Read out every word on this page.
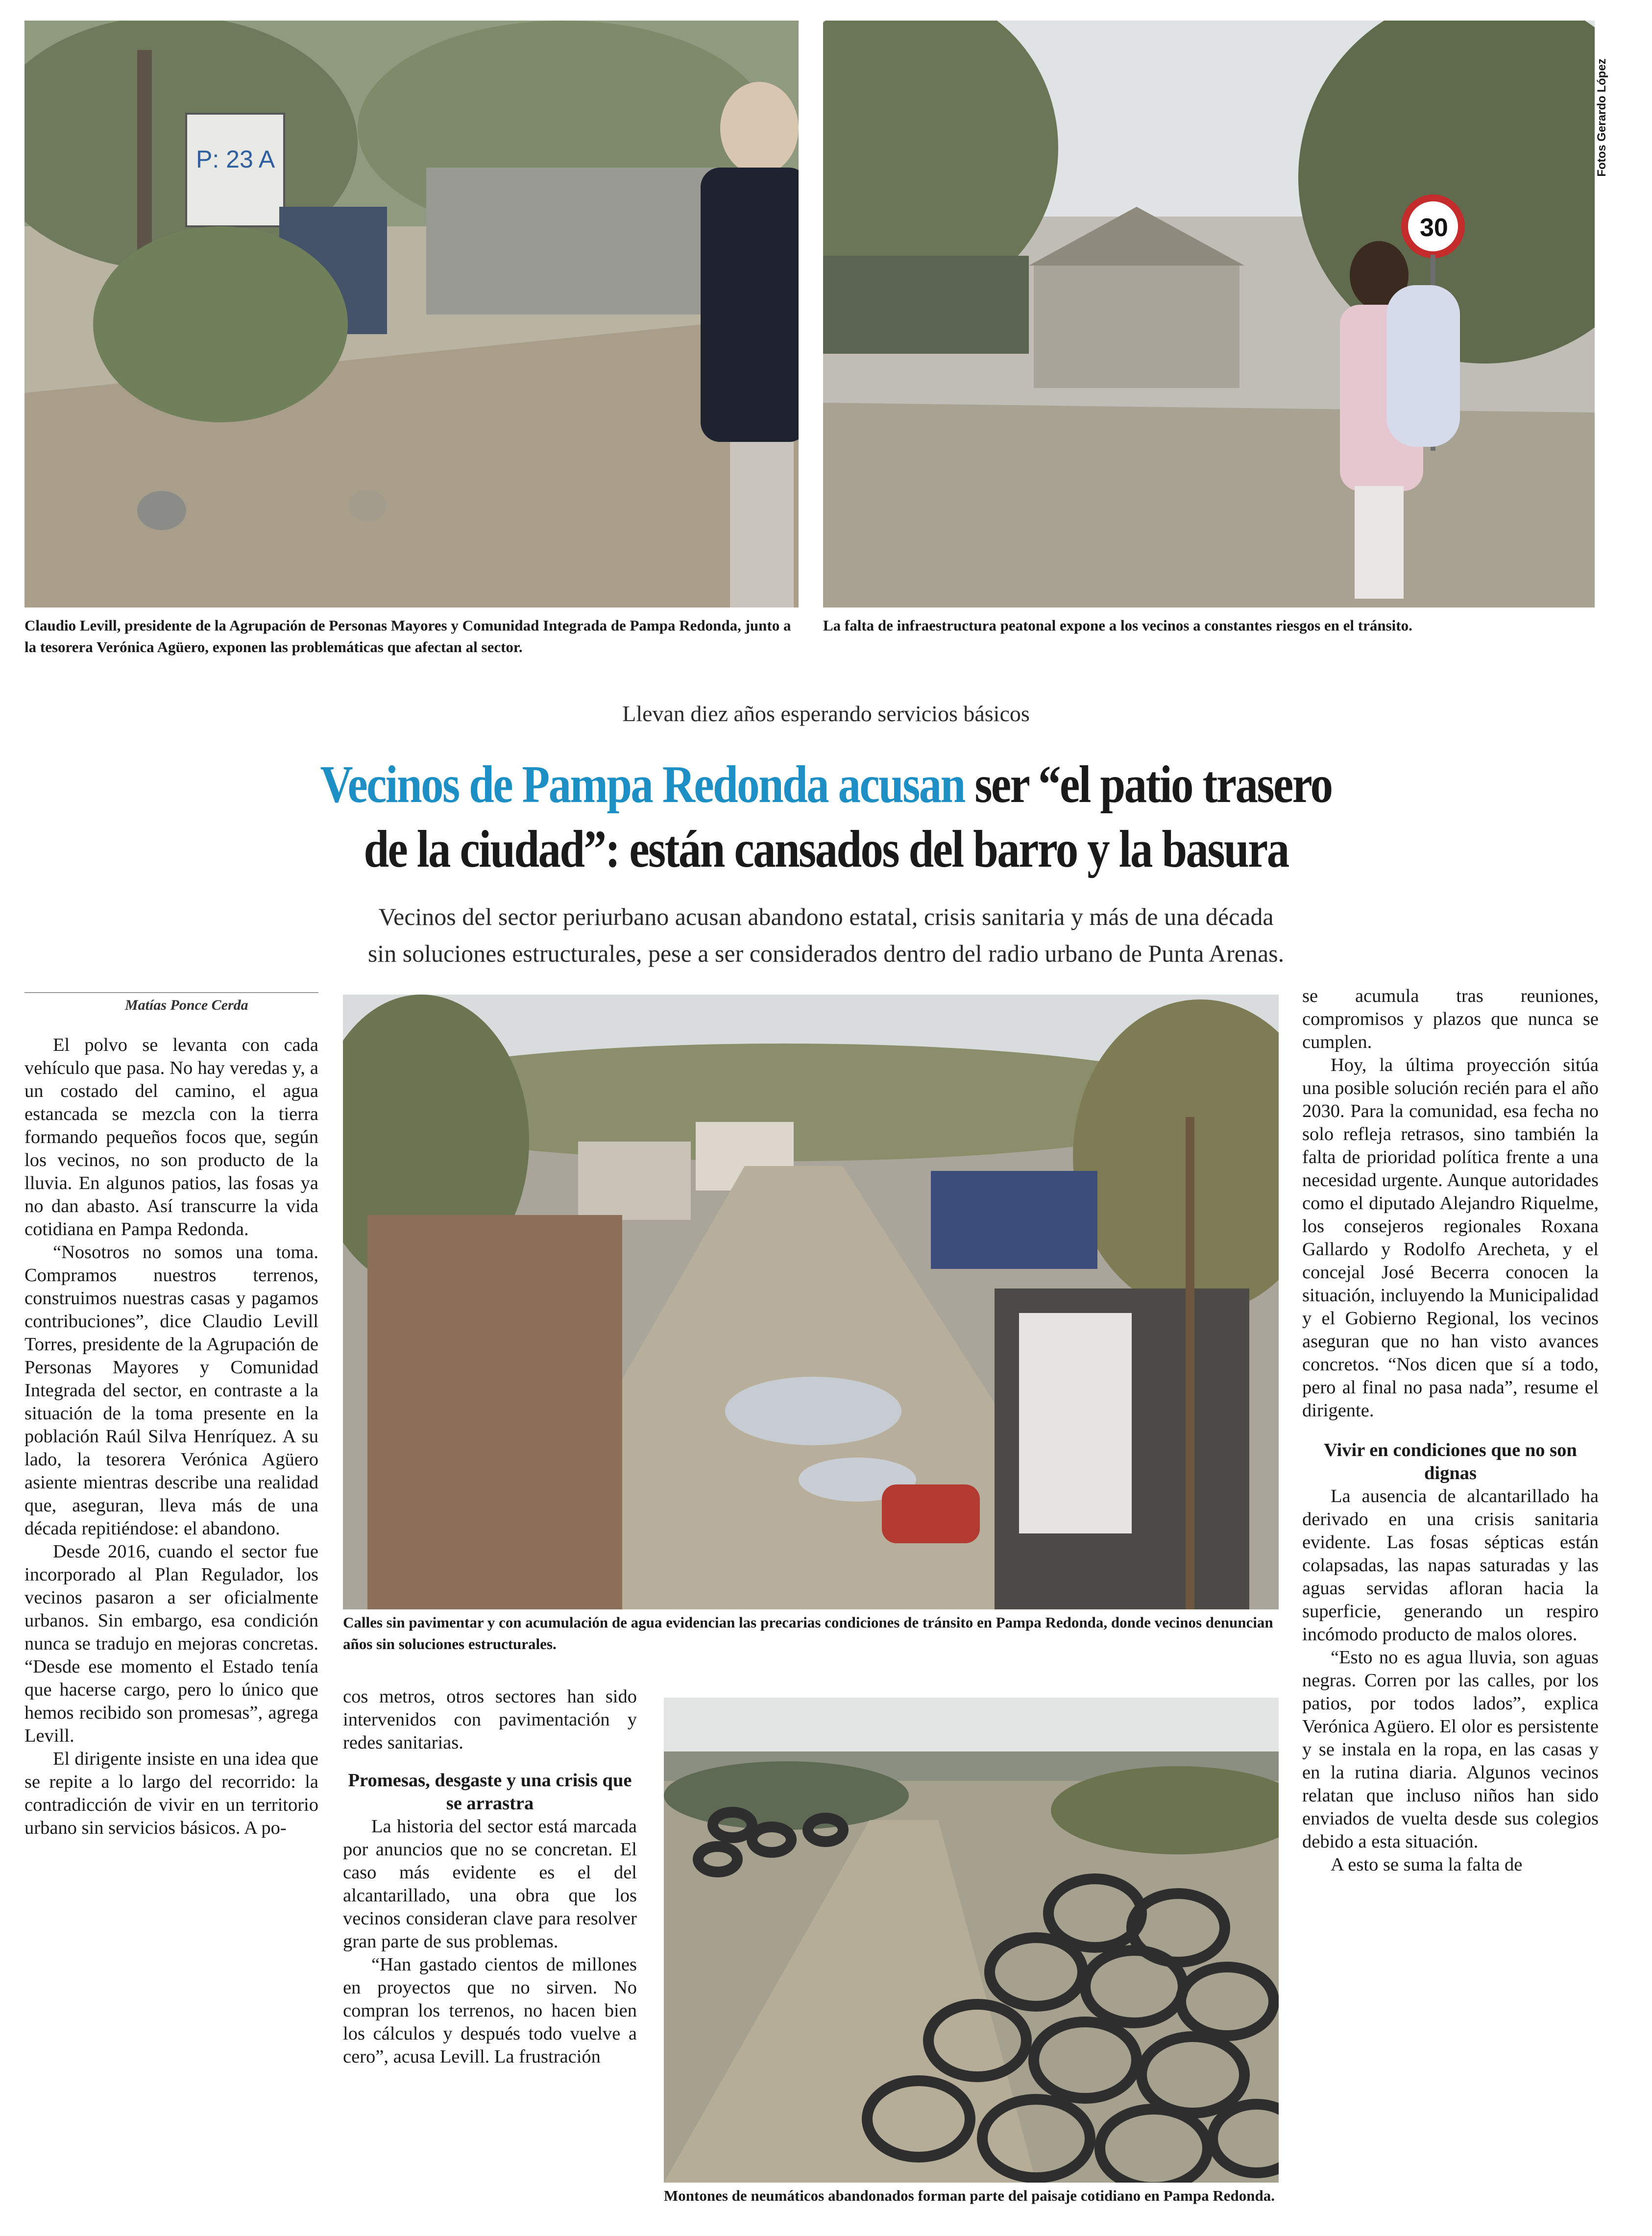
P: 23 A
30
Fotos Gerardo López
Claudio Levill, presidente de la Agrupación de Personas Mayores y Comunidad Integrada de Pampa Redonda, junto a la tesorera Verónica Agüero, exponen las problemáticas que afectan al sector.
La falta de infraestructura peatonal expone a los vecinos a constantes riesgos en el tránsito.
Llevan diez años esperando servicios básicos
Vecinos de Pampa Redonda acusan ser “el patio trasero
de la ciudad”: están cansados del barro y la basura
Vecinos del sector periurbano acusan abandono estatal, crisis sanitaria y más de una década
sin soluciones estructurales, pese a ser considerados dentro del radio urbano de Punta Arenas.
Matías Ponce Cerda

El polvo se levanta con cada vehículo que pasa. No hay veredas y, a un costado del camino, el agua estancada se mezcla con la tierra formando pequeños focos que, según los vecinos, no son producto de la lluvia. En algunos patios, las fosas ya no dan abasto. Así transcurre la vida cotidiana en Pampa Redonda.

“Nosotros no somos una toma. Compramos nuestros terrenos, construimos nuestras casas y pagamos contribuciones”, dice Claudio Levill Torres, presidente de la Agrupación de Personas Mayores y Comunidad Integrada del sector, en contraste a la situación de la toma presente en la población Raúl Silva Henríquez. A su lado, la tesorera Verónica Agüero asiente mientras describe una realidad que, aseguran, lleva más de una década repitiéndose: el abandono.

Desde 2016, cuando el sector fue incorporado al Plan Regulador, los vecinos pasaron a ser oficialmente urbanos. Sin embargo, esa condición nunca se tradujo en mejoras concretas. “Desde ese momento el Estado tenía que hacerse cargo, pero lo único que hemos recibido son promesas”, agrega Levill.

El dirigente insiste en una idea que se repite a lo largo del recorrido: la contradicción de vivir en un territorio urbano sin servicios básicos. A po-

Calles sin pavimentar y con acumulación de agua evidencian las precarias condiciones de tránsito en Pampa Redonda, donde vecinos denuncian años sin soluciones estructurales.

cos metros, otros sectores han sido intervenidos con pavimentación y redes sanitarias.

Promesas, desgaste y una crisis que se arrastra

La historia del sector está marcada por anuncios que no se concretan. El caso más evidente es el del alcantarillado, una obra que los vecinos consideran clave para resolver gran parte de sus problemas.

“Han gastado cientos de millones en proyectos que no sirven. No compran los terrenos, no hacen bien los cálculos y después todo vuelve a cero”, acusa Levill. La frustración

Montones de neumáticos abandonados forman parte del paisaje cotidiano en Pampa Redonda.

se acumula tras reuniones, compromisos y plazos que nunca se cumplen.

Hoy, la última proyección sitúa una posible solución recién para el año 2030. Para la comunidad, esa fecha no solo refleja retrasos, sino también la falta de prioridad política frente a una necesidad urgente. Aunque autoridades como el diputado Alejandro Riquelme, los consejeros regionales Roxana Gallardo y Rodolfo Arecheta, y el concejal José Becerra conocen la situación, incluyendo la Municipalidad y el Gobierno Regional, los vecinos aseguran que no han visto avances concretos. “Nos dicen que sí a todo, pero al final no pasa nada”, resume el dirigente.

Vivir en condiciones que no son dignas

La ausencia de alcantarillado ha derivado en una crisis sanitaria evidente. Las fosas sépticas están colapsadas, las napas saturadas y las aguas servidas afloran hacia la superficie, generando un respiro incómodo producto de malos olores.

“Esto no es agua lluvia, son aguas negras. Corren por las calles, por los patios, por todos lados”, explica Verónica Agüero. El olor es persistente y se instala en la ropa, en las casas y en la rutina diaria. Algunos vecinos relatan que incluso niños han sido enviados de vuelta desde sus colegios debido a esta situación.

A esto se suma la falta de
